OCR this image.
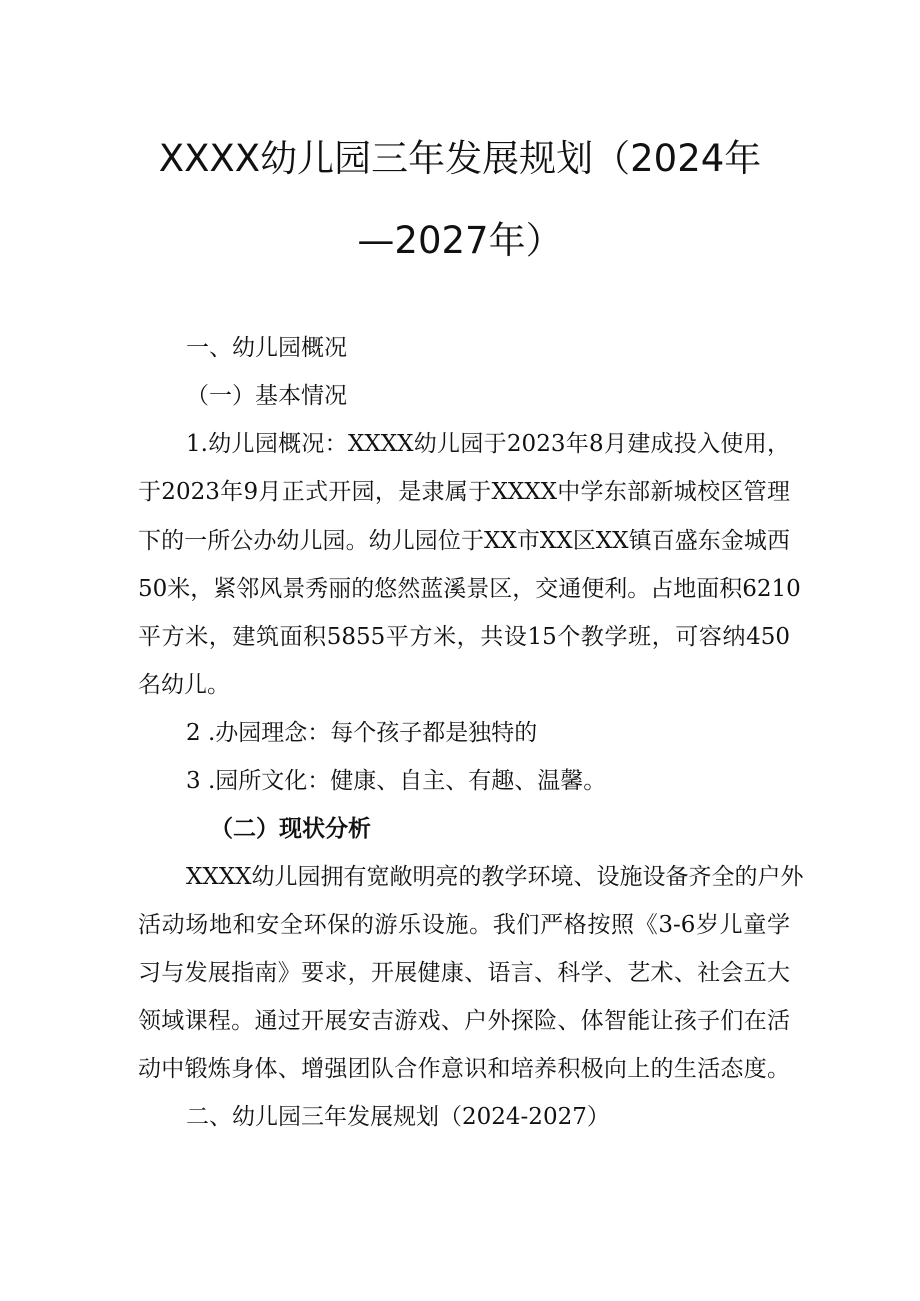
XXXX幼儿园三年发展规划（2024年
—2027年）
一、幼儿园概况
（一）基本情况
1.幼儿园概况：XXXX幼儿园于2023年8月建成投入使用，
于2023年9月正式开园，是隶属于XXXX中学东部新城校区管理
下的一所公办幼儿园。幼儿园位于XX市XX区XX镇百盛东金城西
50米，紧邻风景秀丽的悠然蓝溪景区，交通便利。占地面积6210
平方米，建筑面积5855平方米，共设15个教学班，可容纳450
名幼儿。
2 .办园理念：每个孩子都是独特的
3 .园所文化：健康、自主、有趣、温馨。
（二）现状分析
XXXX幼儿园拥有宽敞明亮的教学环境、设施设备齐全的户外
活动场地和安全环保的游乐设施。我们严格按照《3-6岁儿童学
习与发展指南》要求，开展健康、语言、科学、艺术、社会五大
领域课程。通过开展安吉游戏、户外探险、体智能让孩子们在活
动中锻炼身体、增强团队合作意识和培养积极向上的生活态度。
二、幼儿园三年发展规划（2024-2027）
